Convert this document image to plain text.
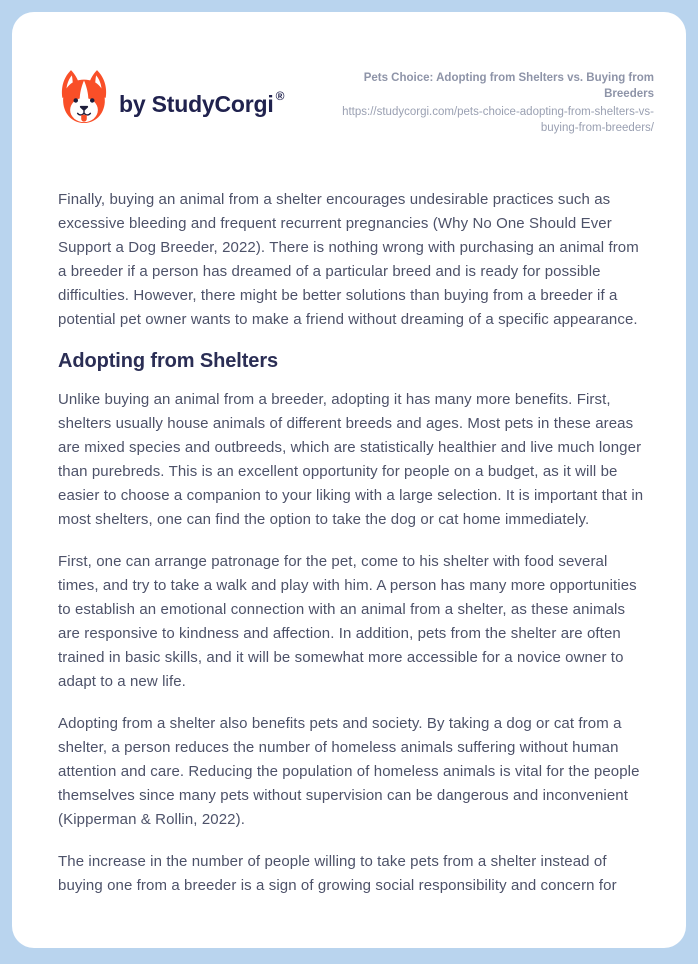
by StudyCorgi ®
Pets Choice: Adopting from Shelters vs. Buying from Breeders
https://studycorgi.com/pets-choice-adopting-from-shelters-vs-buying-from-breeders/

Finally, buying an animal from a shelter encourages undesirable practices such as excessive bleeding and frequent recurrent pregnancies (Why No One Should Ever Support a Dog Breeder, 2022). There is nothing wrong with purchasing an animal from a breeder if a person has dreamed of a particular breed and is ready for possible difficulties. However, there might be better solutions than buying from a breeder if a potential pet owner wants to make a friend without dreaming of a specific appearance.

Adopting from Shelters

Unlike buying an animal from a breeder, adopting it has many more benefits. First, shelters usually house animals of different breeds and ages. Most pets in these areas are mixed species and outbreeds, which are statistically healthier and live much longer than purebreds. This is an excellent opportunity for people on a budget, as it will be easier to choose a companion to your liking with a large selection. It is important that in most shelters, one can find the option to take the dog or cat home immediately.

First, one can arrange patronage for the pet, come to his shelter with food several times, and try to take a walk and play with him. A person has many more opportunities to establish an emotional connection with an animal from a shelter, as these animals are responsive to kindness and affection. In addition, pets from the shelter are often trained in basic skills, and it will be somewhat more accessible for a novice owner to adapt to a new life.

Adopting from a shelter also benefits pets and society. By taking a dog or cat from a shelter, a person reduces the number of homeless animals suffering without human attention and care. Reducing the population of homeless animals is vital for the people themselves since many pets without supervision can be dangerous and inconvenient (Kipperman & Rollin, 2022).

The increase in the number of people willing to take pets from a shelter instead of buying one from a breeder is a sign of growing social responsibility and concern for
